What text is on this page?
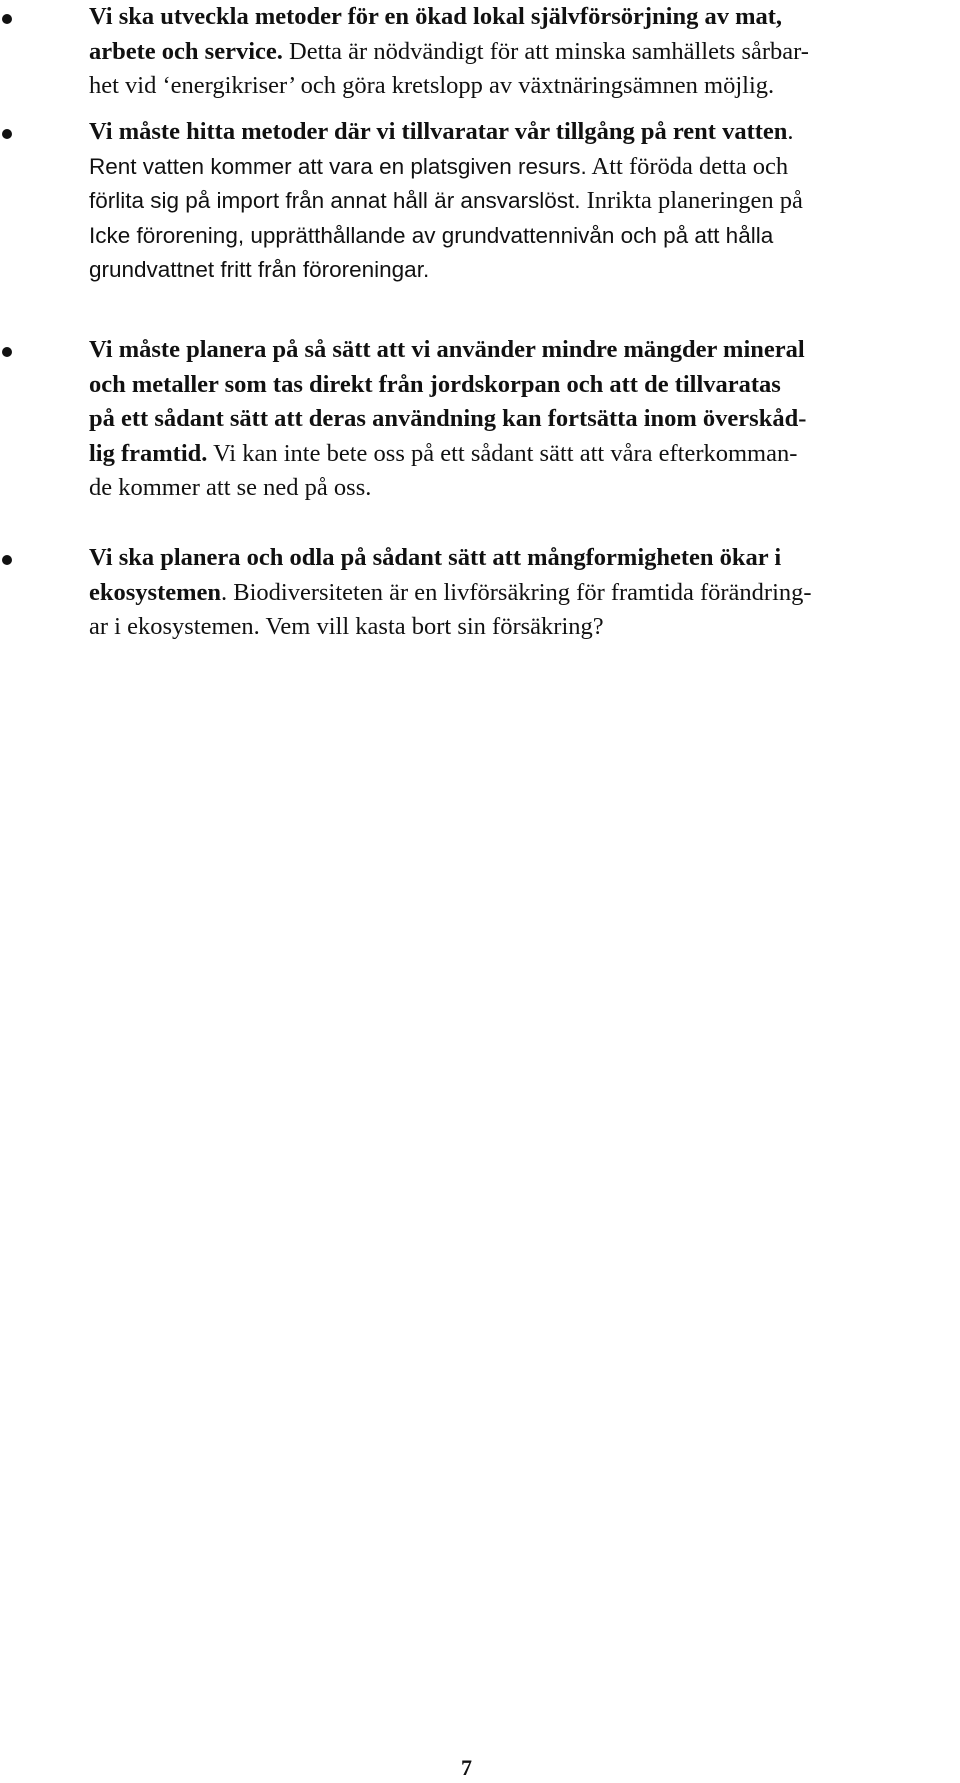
Vi ska utveckla metoder för en ökad lokal självförsörjning av mat,
arbete och service. Detta är nödvändigt för att minska samhällets sårbar-
het vid ‘energikriser’ och göra kretslopp av växtnäringsämnen möjlig.

Vi måste hitta metoder där vi tillvaratar vår tillgång på rent vatten.
Rent vatten kommer att vara en platsgiven resurs. Att föröda detta och
förlita sig på import från annat håll är ansvarslöst. Inrikta planeringen på
Icke förorening, upprätthållande av grundvattennivån och på att hålla
grundvattnet fritt från föroreningar.

Vi måste planera på så sätt att vi använder mindre mängder mineral
och metaller som tas direkt från jordskorpan och att de tillvaratas
på ett sådant sätt att deras användning kan fortsätta inom överskåd-
lig framtid. Vi kan inte bete oss på ett sådant sätt att våra efterkomman-
de kommer att se ned på oss.

Vi ska planera och odla på sådant sätt att mångformigheten ökar i
ekosystemen. Biodiversiteten är en livförsäkring för framtida förändring-
ar i ekosystemen. Vem vill kasta bort sin försäkring?

7
